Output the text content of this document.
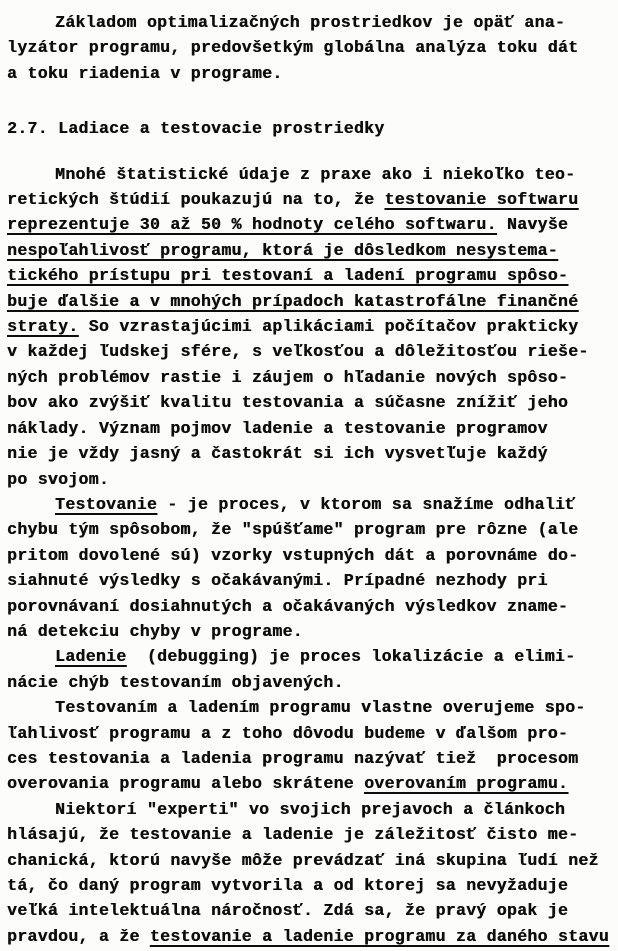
Základom optimalizačných prostriedkov je opäť ana-
lyzátor programu, predovšetkým globálna analýza toku dát
a toku riadenia v programe.
2.7. Ladiace a testovacie prostriedky
Mnohé štatistické údaje z praxe ako i niekoľko teo-
retických štúdií poukazujú na to, že testovanie softwaru
reprezentuje 30 až 50 % hodnoty celého softwaru. Navyše
nespoľahlivosť programu, ktorá je dôsledkom nesystema-
tického prístupu pri testovaní a ladení programu spôso-
buje ďalšie a v mnohých prípadoch katastrofálne finančné
straty. So vzrastajúcimi aplikáciami počítačov prakticky
v každej ľudskej sfére, s veľkosťou a dôležitosťou rieše-
ných problémov rastie i záujem o hľadanie nových spôso-
bov ako zvýšiť kvalitu testovania a súčasne znížiť jeho
náklady. Význam pojmov ladenie a testovanie programov
nie je vždy jasný a častokrát si ich vysvetľuje každý
po svojom.
Testovanie - je proces, v ktorom sa snažíme odhaliť
chybu tým spôsobom, že "spúšťame" program pre rôzne (ale
pritom dovolené sú) vzorky vstupných dát a porovnáme do-
siahnuté výsledky s očakávanými. Prípadné nezhody pri
porovnávaní dosiahnutých a očakávaných výsledkov zname-
ná detekciu chyby v programe.
Ladenie  (debugging) je proces lokalizácie a elimi-
nácie chýb testovaním objavených.
Testovaním a ladením programu vlastne overujeme spo-
ľahlivosť programu a z toho dôvodu budeme v ďalšom pro-
ces testovania a ladenia programu nazývať tiež  procesom
overovania programu alebo skrátene overovaním programu.
Niektorí "experti" vo svojich prejavoch a článkoch
hlásajú, že testovanie a ladenie je záležitosť čisto me-
chanická, ktorú navyše môže prevádzať iná skupina ľudí než
tá, čo daný program vytvorila a od ktorej sa nevyžaduje
veľká intelektuálna náročnosť. Zdá sa, že pravý opak je
pravdou, a že testovanie a ladenie programu za daného stavu
